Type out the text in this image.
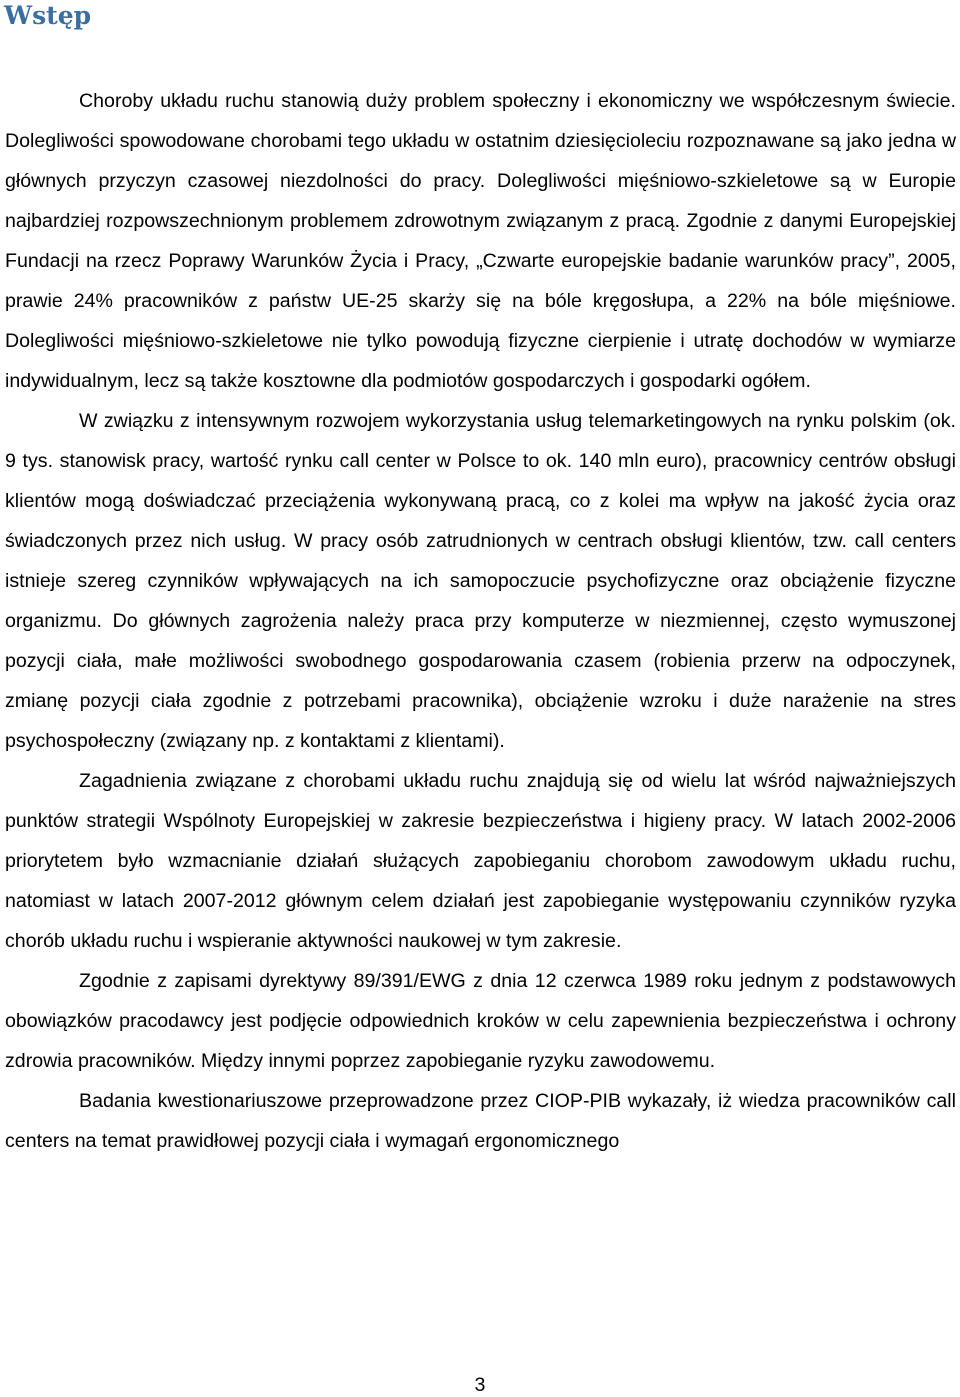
Wstęp

Choroby układu ruchu stanowią duży problem społeczny i ekonomiczny we współczesnym świecie. Dolegliwości spowodowane chorobami tego układu w ostatnim dziesięcioleciu rozpoznawane są jako jedna w głównych przyczyn czasowej niezdolności do pracy. Dolegliwości mięśniowo-szkieletowe są w Europie najbardziej rozpowszechnionym problemem zdrowotnym związanym z pracą. Zgodnie z danymi Europejskiej Fundacji na rzecz Poprawy Warunków Życia i Pracy, „Czwarte europejskie badanie warunków pracy”, 2005, prawie 24% pracowników z państw UE-25 skarży się na bóle kręgosłupa, a 22% na bóle mięśniowe. Dolegliwości mięśniowo-szkieletowe nie tylko powodują fizyczne cierpienie i utratę dochodów w wymiarze indywidualnym, lecz są także kosztowne dla podmiotów gospodarczych i gospodarki ogółem.

W związku z intensywnym rozwojem wykorzystania usług telemarketingowych na rynku polskim (ok. 9 tys. stanowisk pracy, wartość rynku call center w Polsce to ok. 140 mln euro), pracownicy centrów obsługi klientów mogą doświadczać przeciążenia wykonywaną pracą, co z kolei ma wpływ na jakość życia oraz świadczonych przez nich usług. W pracy osób zatrudnionych w centrach obsługi klientów, tzw. call centers istnieje szereg czynników wpływających na ich samopoczucie psychofizyczne oraz obciążenie fizyczne organizmu. Do głównych zagrożenia należy praca przy komputerze w niezmiennej, często wymuszonej pozycji ciała, małe możliwości swobodnego gospodarowania czasem (robienia przerw na odpoczynek, zmianę pozycji ciała zgodnie z potrzebami pracownika), obciążenie wzroku i duże narażenie na stres psychospołeczny (związany np. z kontaktami z klientami).

Zagadnienia związane z chorobami układu ruchu znajdują się od wielu lat wśród najważniejszych punktów strategii Wspólnoty Europejskiej w zakresie bezpieczeństwa i higieny pracy. W latach 2002-2006 priorytetem było wzmacnianie działań służących zapobieganiu chorobom zawodowym układu ruchu, natomiast w latach 2007-2012 głównym celem działań jest zapobieganie występowaniu czynników ryzyka chorób układu ruchu i wspieranie aktywności naukowej w tym zakresie.

Zgodnie z zapisami dyrektywy 89/391/EWG z dnia 12 czerwca 1989 roku jednym z podstawowych obowiązków pracodawcy jest podjęcie odpowiednich kroków w celu zapewnienia bezpieczeństwa i ochrony zdrowia pracowników. Między innymi poprzez zapobieganie ryzyku zawodowemu.

Badania kwestionariuszowe przeprowadzone przez CIOP-PIB wykazały, iż wiedza pracowników call centers na temat prawidłowej pozycji ciała i wymagań ergonomicznego

3
